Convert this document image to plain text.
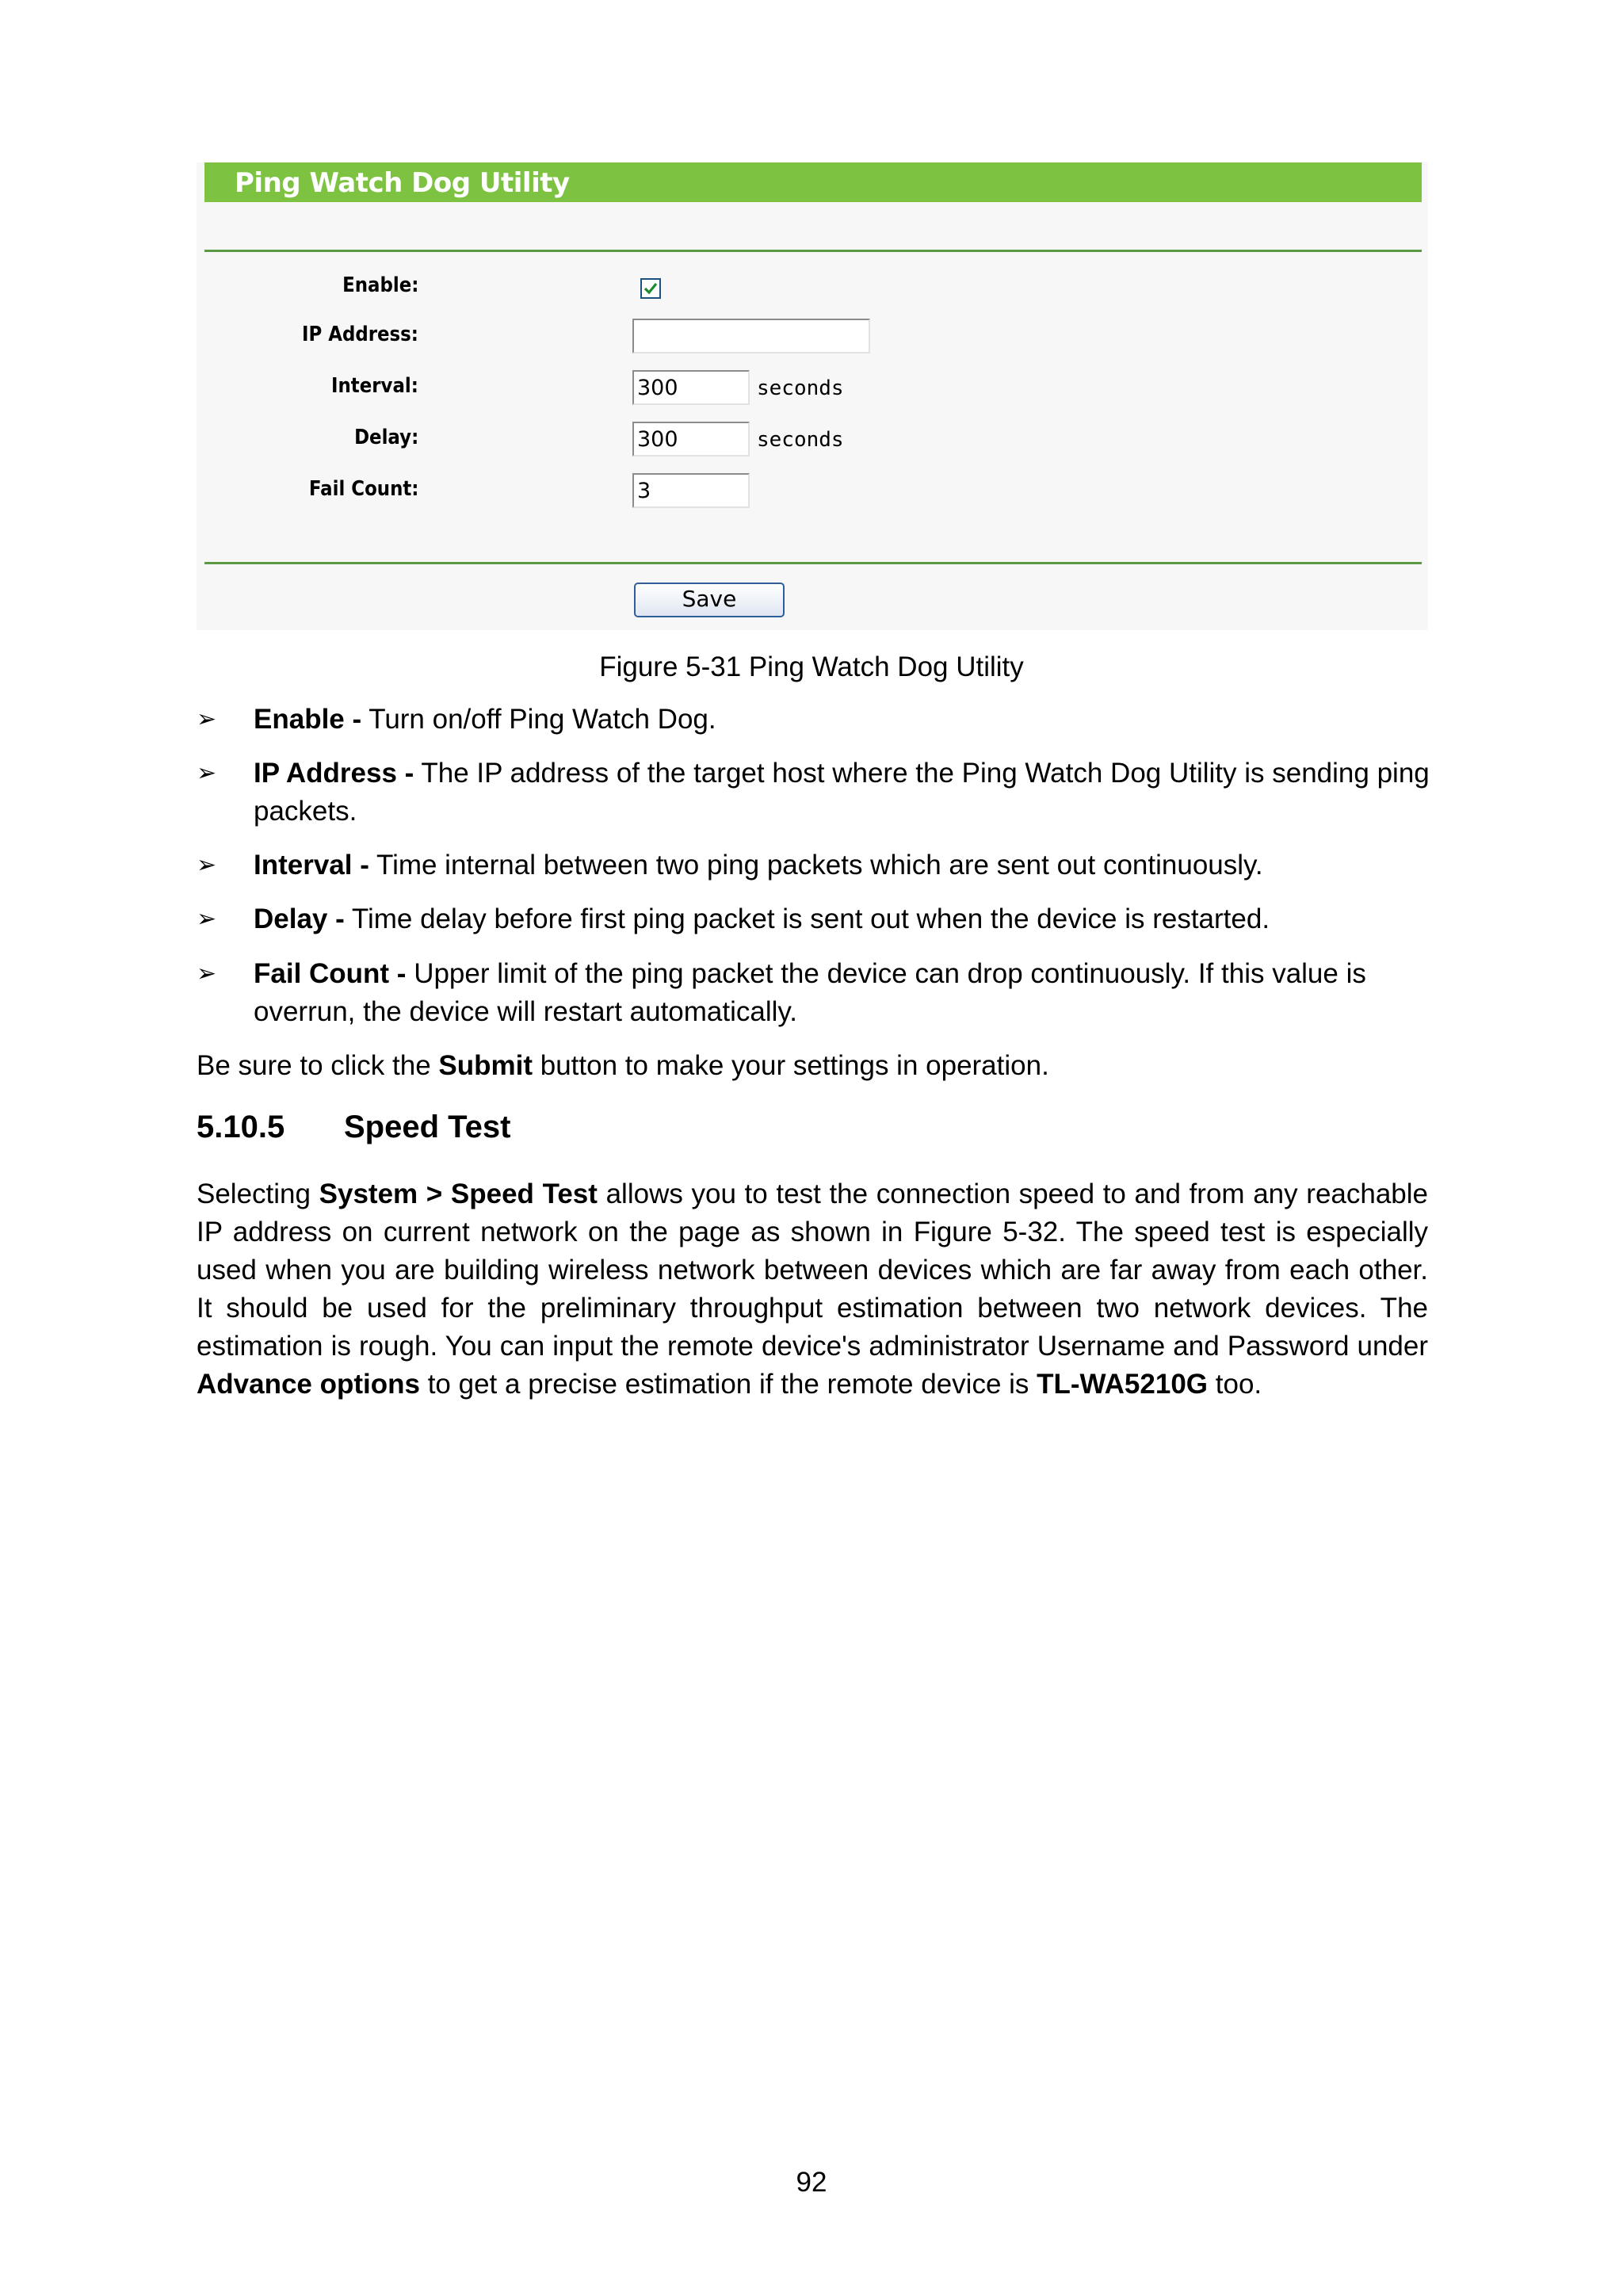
Ping Watch Dog Utility
Enable:
IP Address:
Interval:
300	seconds
Delay:
300	seconds
Fail Count:
3
Save
Figure 5-31 Ping Watch Dog Utility
➢ Enable - Turn on/off Ping Watch Dog.
➢ IP Address - The IP address of the target host where the Ping Watch Dog Utility is sending ping packets.
➢ Interval - Time internal between two ping packets which are sent out continuously.
➢ Delay - Time delay before first ping packet is sent out when the device is restarted.
➢ Fail Count - Upper limit of the ping packet the device can drop continuously. If this value is overrun, the device will restart automatically.
Be sure to click the Submit button to make your settings in operation.
5.10.5 Speed Test
Selecting System > Speed Test allows you to test the connection speed to and from any reachable IP address on current network on the page as shown in Figure 5-32. The speed test is especially used when you are building wireless network between devices which are far away from each other. It should be used for the preliminary throughput estimation between two network devices. The estimation is rough. You can input the remote device's administrator Username and Password under Advance options to get a precise estimation if the remote device is TL-WA5210G too.
92
